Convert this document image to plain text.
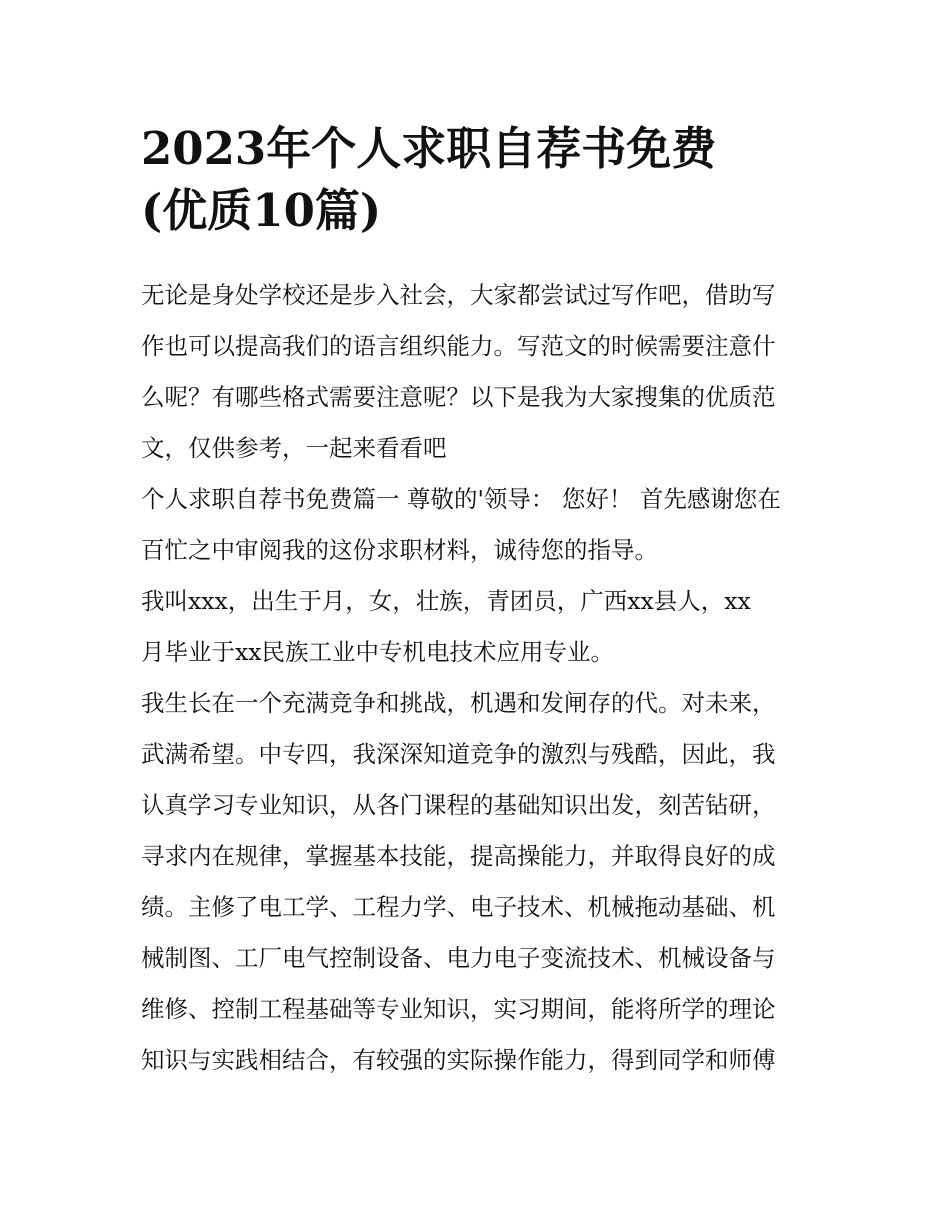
2023年个人求职自荐书免费
(优质10篇)

无论是身处学校还是步入社会，大家都尝试过写作吧，借助写
作也可以提高我们的语言组织能力。写范文的时候需要注意什
么呢？有哪些格式需要注意呢？以下是我为大家搜集的优质范
文，仅供参考，一起来看看吧

个人求职自荐书免费篇一 尊敬的'领导： 您好！ 首先感谢您在
百忙之中审阅我的这份求职材料，诚待您的指导。

我叫xxx，出生于月，女，壮族，青团员，广西xx县人，xx
月毕业于xx民族工业中专机电技术应用专业。

我生长在一个充满竞争和挑战，机遇和发闸存的代。对未来，
武满希望。中专四，我深深知道竞争的激烈与残酷，因此，我
认真学习专业知识，从各门课程的基础知识出发，刻苦钻研，
寻求内在规律，掌握基本技能，提高操能力，并取得良好的成
绩。主修了电工学、工程力学、电子技术、机械拖动基础、机
械制图、工厂电气控制设备、电力电子变流技术、机械设备与
维修、控制工程基础等专业知识，实习期间，能将所学的理论
知识与实践相结合，有较强的实际操作能力，得到同学和师傅
